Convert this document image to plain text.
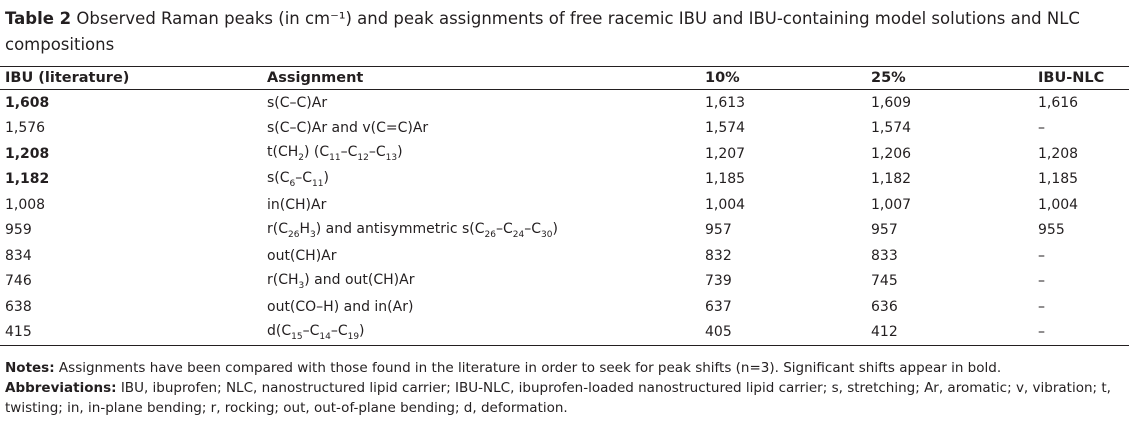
Table 2 Observed Raman peaks (in cm⁻¹) and peak assignments of free racemic IBU and IBU-containing model solutions and NLC compositions

IBU (literature)	Assignment	10%	25%	IBU-NLC
1,608	s(C–C)Ar	1,613	1,609	1,616
1,576	s(C–C)Ar and v(C=C)Ar	1,574	1,574	–
1,208	$t(CH_2)$ $(C_{11}-C_{12}-C_{13})$	1,207	1,206	1,208
1,182	$s(C_6-C_{11})$	1,185	1,182	1,185
1,008	in(CH)Ar	1,004	1,007	1,004
959	$r(C_{26}H_3)$ and antisymmetric $s(C_{26}-C_{24}-C_{30})$	957	957	955
834	out(CH)Ar	832	833	–
746	$r(CH_3)$ and out(CH)Ar	739	745	–
638	out(CO–H) and in(Ar)	637	636	–
415	$d(C_{15}-C_{14}-C_{19})$	405	412	–

Notes: Assignments have been compared with those found in the literature in order to seek for peak shifts (n=3). Significant shifts appear in bold.

Abbreviations: IBU, ibuprofen; NLC, nanostructured lipid carrier; IBU-NLC, ibuprofen-loaded nanostructured lipid carrier; s, stretching; Ar, aromatic; v, vibration; t, twisting; in, in-plane bending; r, rocking; out, out-of-plane bending; d, deformation.
